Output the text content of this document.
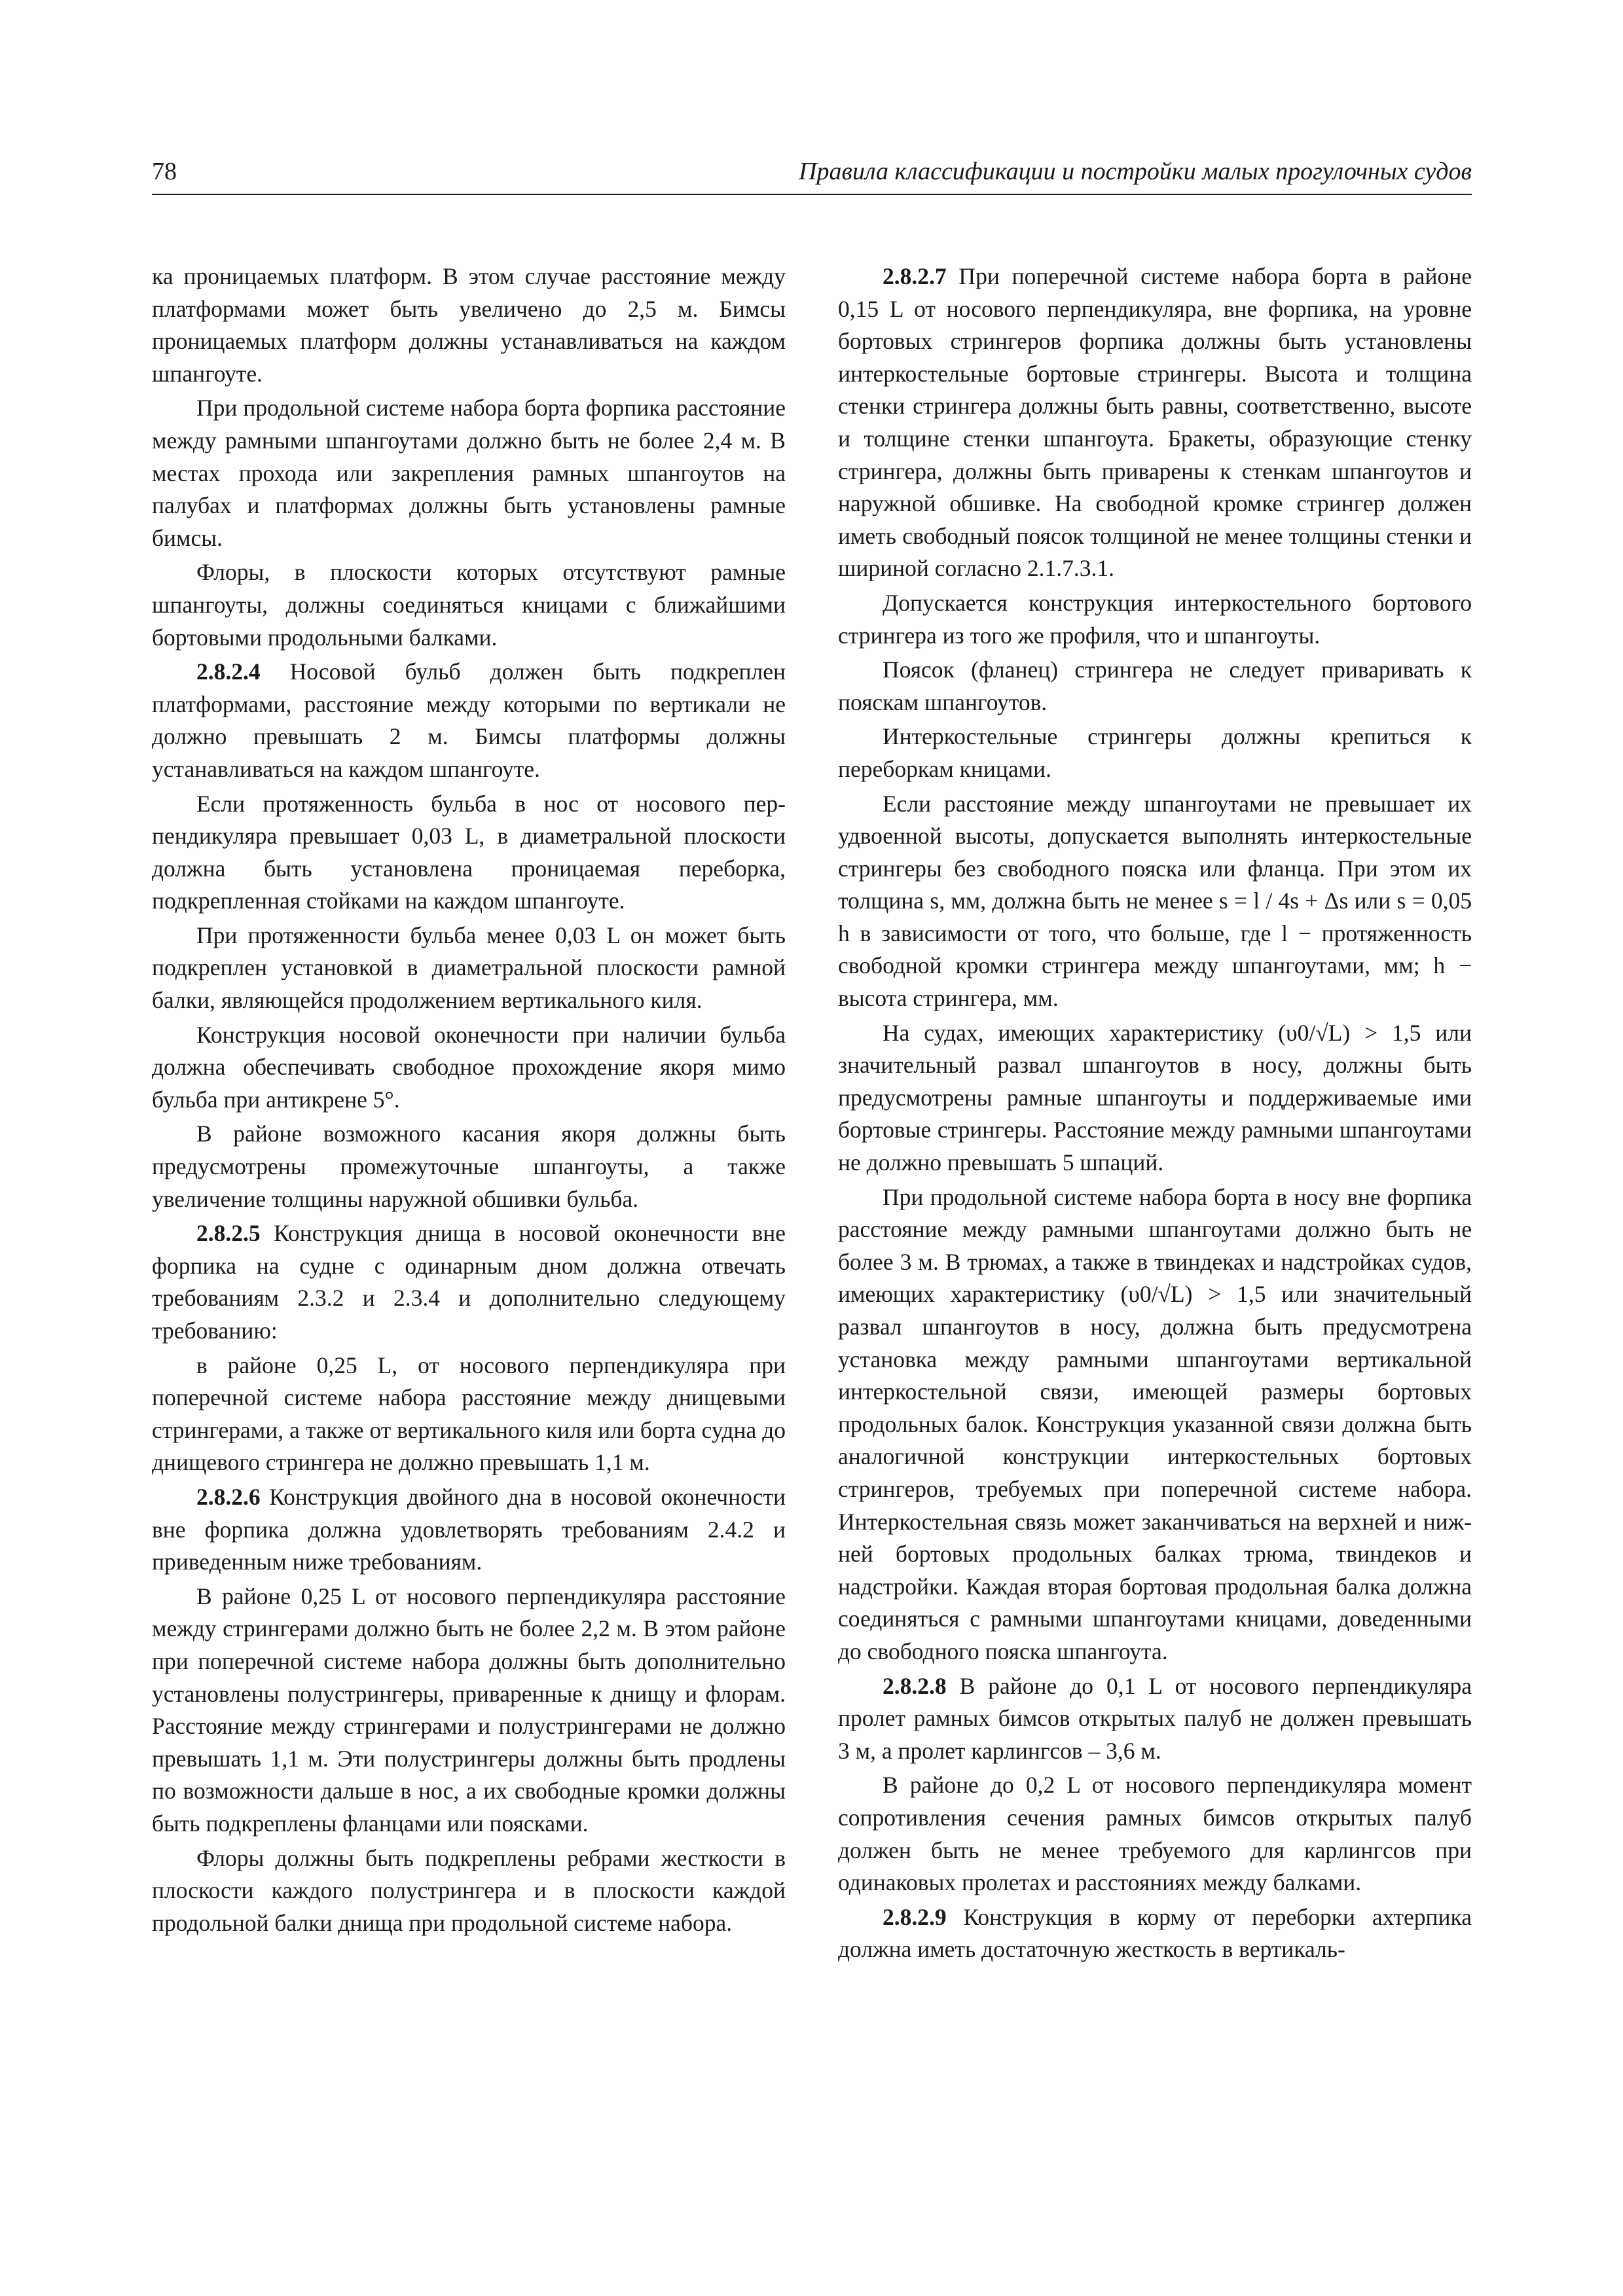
78	Правила классификации и постройки малых прогулочных судов

ка проницаемых платформ. В этом случае расстояние между платформами может быть увеличено до 2,5 м. Бимсы проницаемых платформ должны устанавливаться на каждом шпангоуте.

При продольной системе набора борта форпика расстояние между рамными шпангоутами должно быть не более 2,4 м. В местах прохода или закрепления рамных шпангоутов на палубах и платформах должны быть установлены рамные бимсы.

Флоры, в плоскости которых отсутствуют рамные шпангоуты, должны соединяться кницами с ближайшими бортовыми продольными балками.

2.8.2.4 Носовой бульб должен быть подкреплен платформами, расстояние между которыми по вертикали не должно превышать 2 м. Бимсы платформы должны устанавливаться на каждом шпангоуте.

Если протяженность бульба в нос от носового перпендикуляра превышает 0,03 L, в диаметральной плоскости должна быть установлена проницаемая переборка, подкрепленная стойками на каждом шпангоуте.

При протяженности бульба менее 0,03 L он может быть подкреплен установкой в диаметральной плоскости рамной балки, являющейся продолжением вертикального киля.

Конструкция носовой оконечности при наличии бульба должна обеспечивать свободное прохождение якоря мимо бульба при антикрене 5°.

В районе возможного касания якоря должны быть предусмотрены промежуточные шпангоуты, а также увеличение толщины наружной обшивки бульба.

2.8.2.5 Конструкция днища в носовой оконечности вне форпика на судне с одинарным дном должна отвечать требованиям 2.3.2 и 2.3.4 и дополнительно следующему требованию:

в районе 0,25 L, от носового перпендикуляра при поперечной системе набора расстояние между днищевыми стрингерами, а также от вертикального киля или борта судна до днищевого стрингера не должно превышать 1,1 м.

2.8.2.6 Конструкция двойного дна в носовой оконечности вне форпика должна удовлетворять требованиям 2.4.2 и приведенным ниже требованиям.

В районе 0,25 L от носового перпендикуляра расстояние между стрингерами должно быть не более 2,2 м. В этом районе при поперечной системе набора должны быть дополнительно установлены полустрингеры, приваренные к днищу и флорам. Расстояние между стрингерами и полустрингерами не должно превышать 1,1 м. Эти полустрингеры должны быть продлены по возможности дальше в нос, а их свободные кромки должны быть подкреплены фланцами или поясками.

Флоры должны быть подкреплены ребрами жесткости в плоскости каждого полустрингера и в плоскости каждой продольной балки днища при продольной системе набора.

2.8.2.7 При поперечной системе набора борта в районе 0,15 L от носового перпендикуляра, вне форпика, на уровне бортовых стрингеров форпика должны быть установлены интеркостельные бортовые стрингеры. Высота и толщина стенки стрингера должны быть равны, соответственно, высоте и толщине стенки шпангоута. Бракеты, образующие стенку стрингера, должны быть приварены к стенкам шпангоутов и наружной обшивке. На свободной кромке стрингер должен иметь свободный поясок толщиной не менее толщины стенки и шириной согласно 2.1.7.3.1.

Допускается конструкция интеркостельного бортового стрингера из того же профиля, что и шпангоуты.

Поясок (фланец) стрингера не следует приваривать к пояскам шпангоутов.

Интеркостельные стрингеры должны крепиться к переборкам кницами.

Если расстояние между шпангоутами не превышает их удвоенной высоты, допускается выполнять интеркостельные стрингеры без свободного пояска или фланца. При этом их толщина s, мм, должна быть не менее s = l / 4s + Δs или s = 0,05 h в зависимости от того, что больше, где l − протяженность свободной кромки стрингера между шпангоутами, мм; h − высота стрингера, мм.

На судах, имеющих характеристику (υ0/√L) > 1,5 или значительный развал шпангоутов в носу, должны быть предусмотрены рамные шпангоуты и поддерживаемые ими бортовые стрингеры. Расстояние между рамными шпангоутами не должно превышать 5 шпаций.

При продольной системе набора борта в носу вне форпика расстояние между рамными шпангоутами должно быть не более 3 м. В трюмах, а также в твиндеках и надстройках судов, имеющих характеристику (υ0/√L) > 1,5 или значительный развал шпангоутов в носу, должна быть предусмотрена установка между рамными шпангоутами вертикальной интеркостельной связи, имеющей размеры бортовых продольных балок. Конструкция указанной связи должна быть аналогичной конструкции интеркостельных бортовых стрингеров, требуемых при поперечной системе набора. Интеркостельная связь может заканчиваться на верхней и нижней бортовых продольных балках трюма, твиндеков и надстройки. Каждая вторая бортовая продольная балка должна соединяться с рамными шпангоутами кницами, доведенными до свободного пояска шпангоута.

2.8.2.8 В районе до 0,1 L от носового перпендикуляра пролет рамных бимсов открытых палуб не должен превышать 3 м, а пролет карлингсов – 3,6 м.

В районе до 0,2 L от носового перпендикуляра момент сопротивления сечения рамных бимсов открытых палуб должен быть не менее требуемого для карлингсов при одинаковых пролетах и расстояниях между балками.

2.8.2.9 Конструкция в корму от переборки ахтерпика должна иметь достаточную жесткость в вертикаль-
